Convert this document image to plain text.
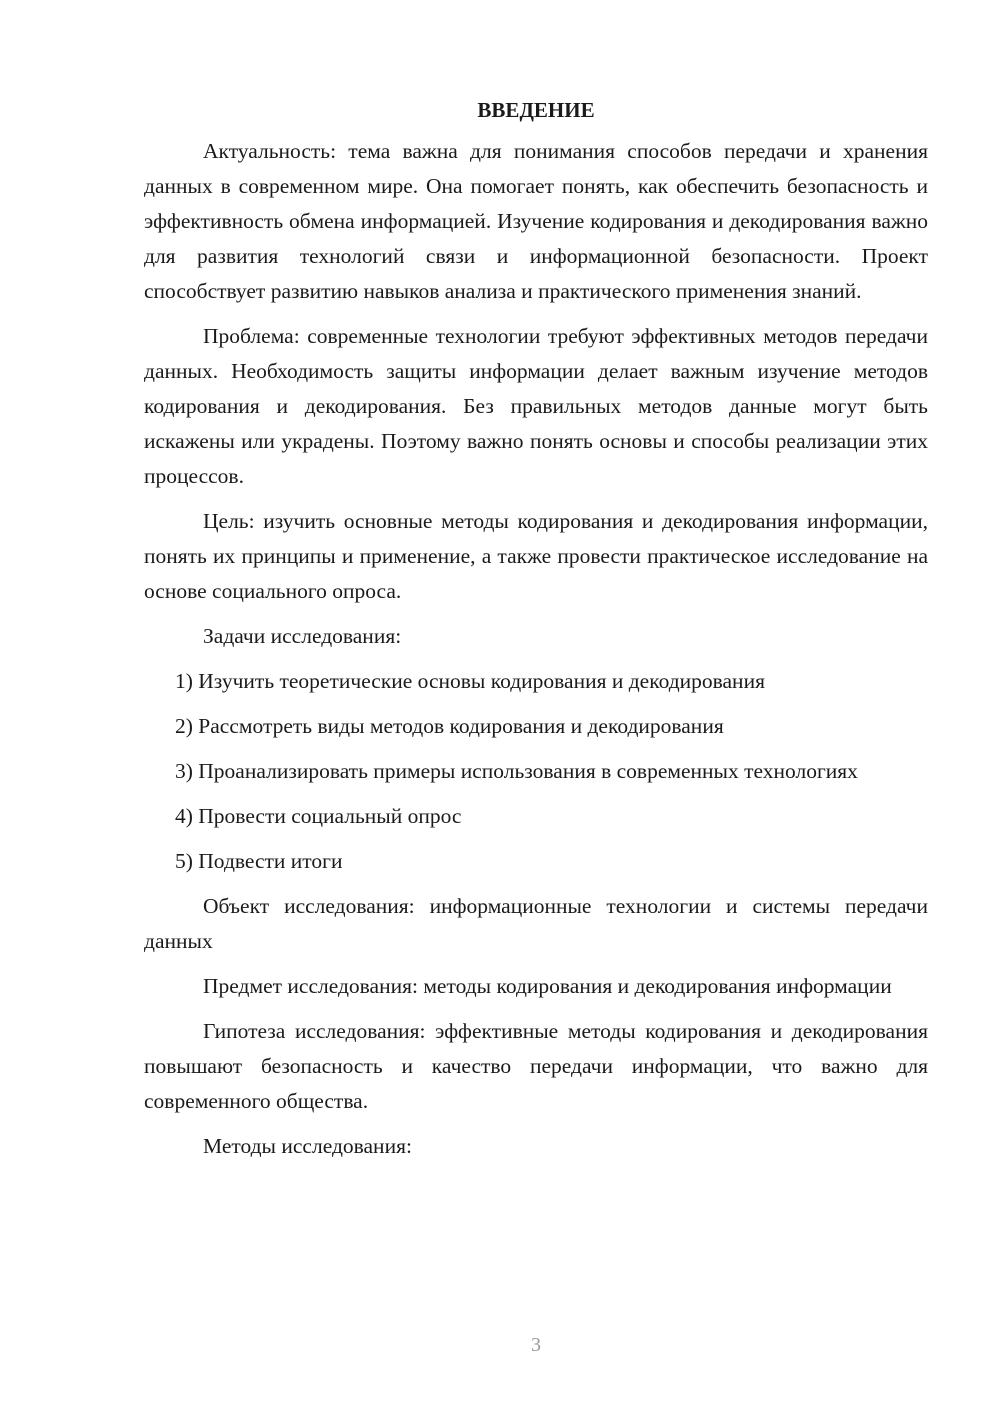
ВВЕДЕНИЕ

Актуальность: тема важна для понимания способов передачи и хранения данных в современном мире. Она помогает понять, как обеспечить безопасность и эффективность обмена информацией. Изучение кодирования и декодирования важно для развития технологий связи и информационной безопасности. Проект способствует развитию навыков анализа и практического применения знаний.

Проблема: современные технологии требуют эффективных методов передачи данных. Необходимость защиты информации делает важным изучение методов кодирования и декодирования. Без правильных методов данные могут быть искажены или украдены. Поэтому важно понять основы и способы реализации этих процессов.

Цель: изучить основные методы кодирования и декодирования информации, понять их принципы и применение, а также провести практическое исследование на основе социального опроса.

Задачи исследования:

1) Изучить теоретические основы кодирования и декодирования

2) Рассмотреть виды методов кодирования и декодирования

3) Проанализировать примеры использования в современных технологиях

4) Провести социальный опрос

5) Подвести итоги

Объект исследования: информационные технологии и системы передачи данных

Предмет исследования: методы кодирования и декодирования информации

Гипотеза исследования: эффективные методы кодирования и декодирования повышают безопасность и качество передачи информации, что важно для современного общества.

Методы исследования:

3
